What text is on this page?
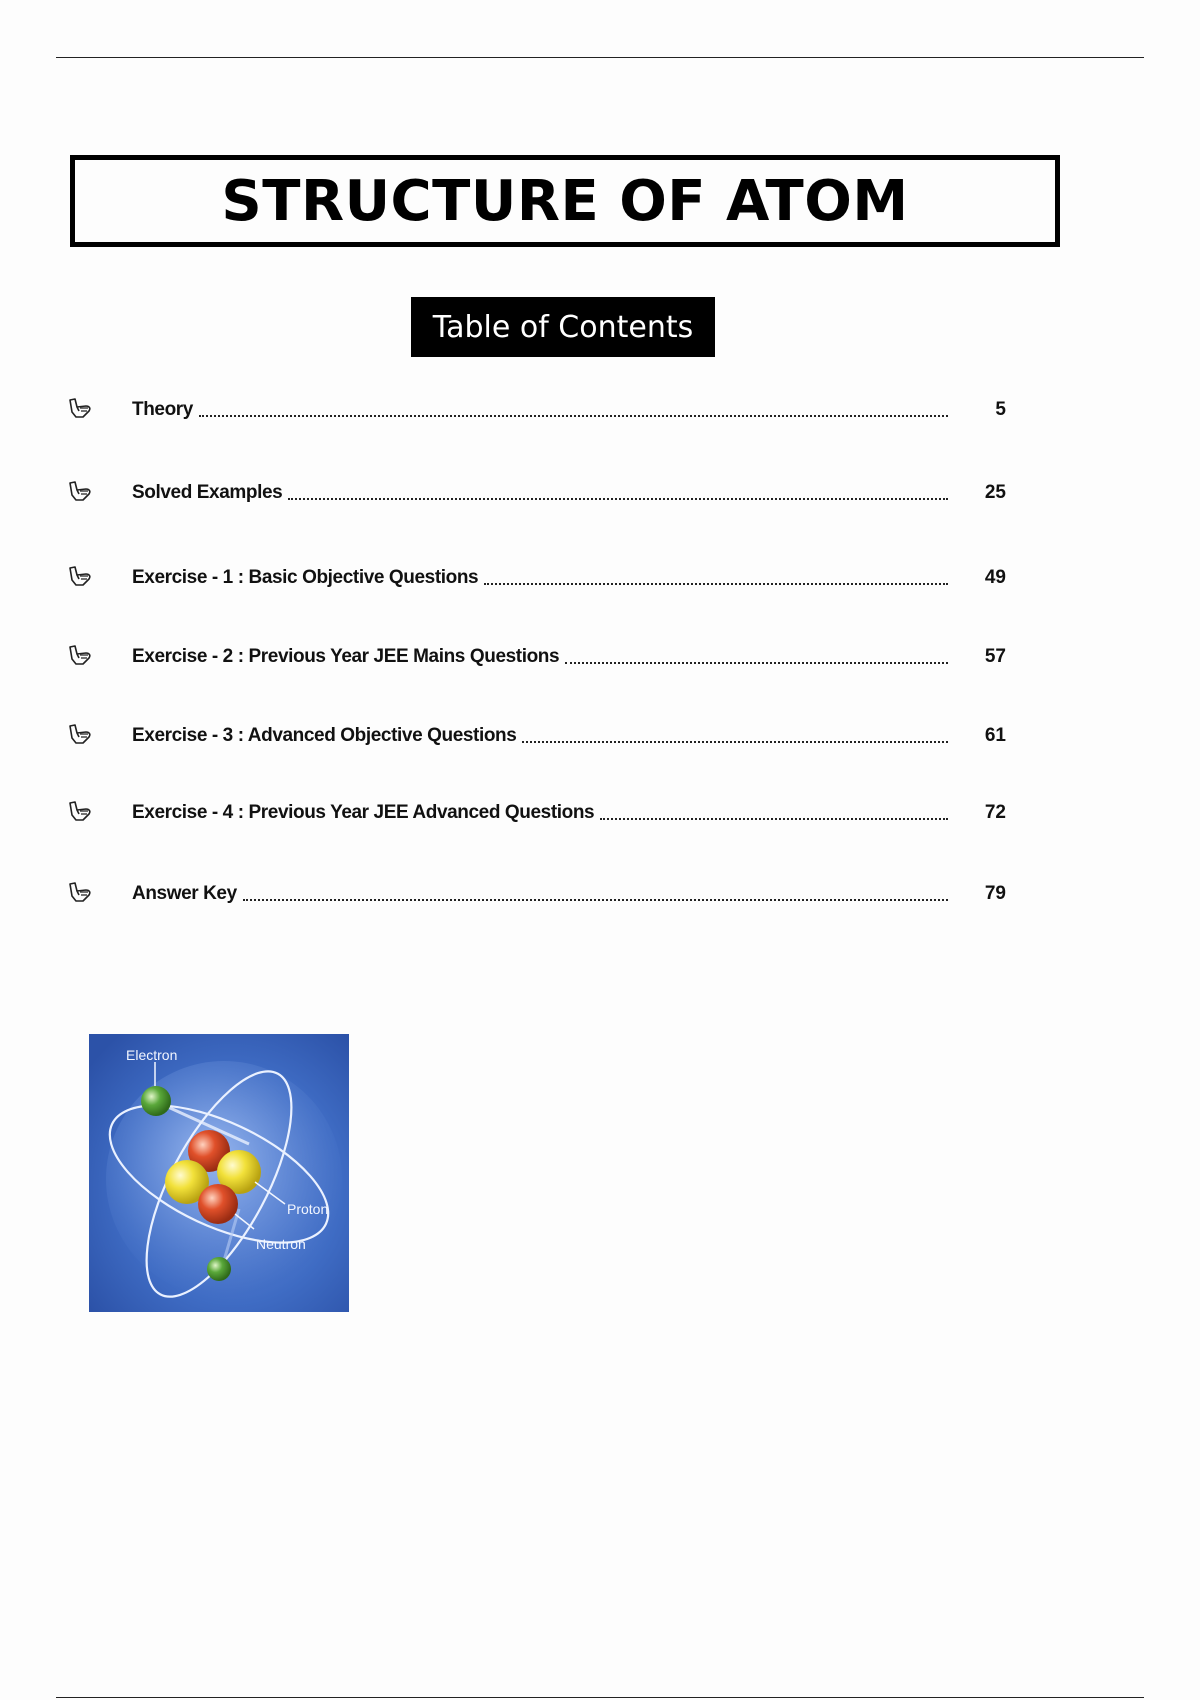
STRUCTURE OF ATOM
Table of Contents
Theory	5
Solved Examples	25
Exercise - 1 : Basic Objective Questions	49
Exercise - 2 : Previous Year JEE Mains Questions	57
Exercise - 3 : Advanced Objective Questions	61
Exercise - 4 : Previous Year JEE Advanced Questions	72
Answer Key	79
Electron
Proton
Neutron
